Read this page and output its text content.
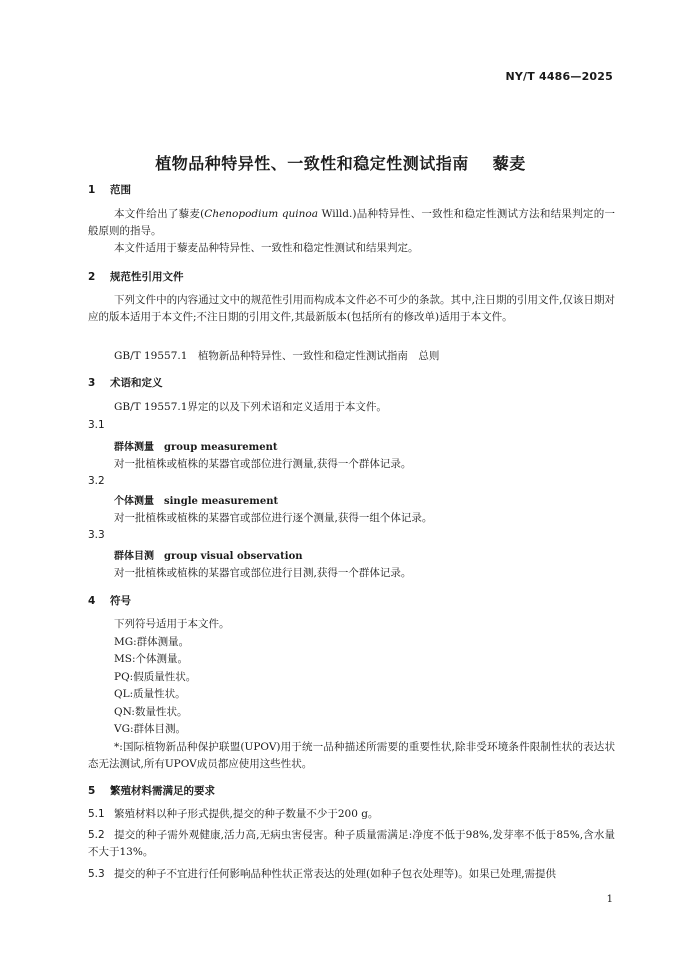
NY/T 4486—2025
植物品种特异性、一致性和稳定性测试指南 藜麦
1 范围
本文件给出了藜麦(Chenopodium quinoa Willd.)品种特异性、一致性和稳定性测试方法和结果判定的一般原则的指导。
本文件适用于藜麦品种特异性、一致性和稳定性测试和结果判定。
2 规范性引用文件
下列文件中的内容通过文中的规范性引用而构成本文件必不可少的条款。其中,注日期的引用文件,仅该日期对应的版本适用于本文件;不注日期的引用文件,其最新版本(包括所有的修改单)适用于本文件。
GB/T 19557.1　植物新品种特异性、一致性和稳定性测试指南　总则
3 术语和定义
GB/T 19557.1界定的以及下列术语和定义适用于本文件。
3.1
群体测量 group measurement
对一批植株或植株的某器官或部位进行测量,获得一个群体记录。
3.2
个体测量 single measurement
对一批植株或植株的某器官或部位进行逐个测量,获得一组个体记录。
3.3
群体目测 group visual observation
对一批植株或植株的某器官或部位进行目测,获得一个群体记录。
4 符号
下列符号适用于本文件。
MG:群体测量。
MS:个体测量。
PQ:假质量性状。
QL:质量性状。
QN:数量性状。
VG:群体目测。
*:国际植物新品种保护联盟(UPOV)用于统一品种描述所需要的重要性状,除非受环境条件限制性状的表达状态无法测试,所有UPOV成员都应使用这些性状。
5 繁殖材料需满足的要求
5.1 繁殖材料以种子形式提供,提交的种子数量不少于200 g。
5.2 提交的种子需外观健康,活力高,无病虫害侵害。种子质量需满足:净度不低于98%,发芽率不低于85%,含水量不大于13%。
5.3 提交的种子不宜进行任何影响品种性状正常表达的处理(如种子包衣处理等)。如果已处理,需提供
1
